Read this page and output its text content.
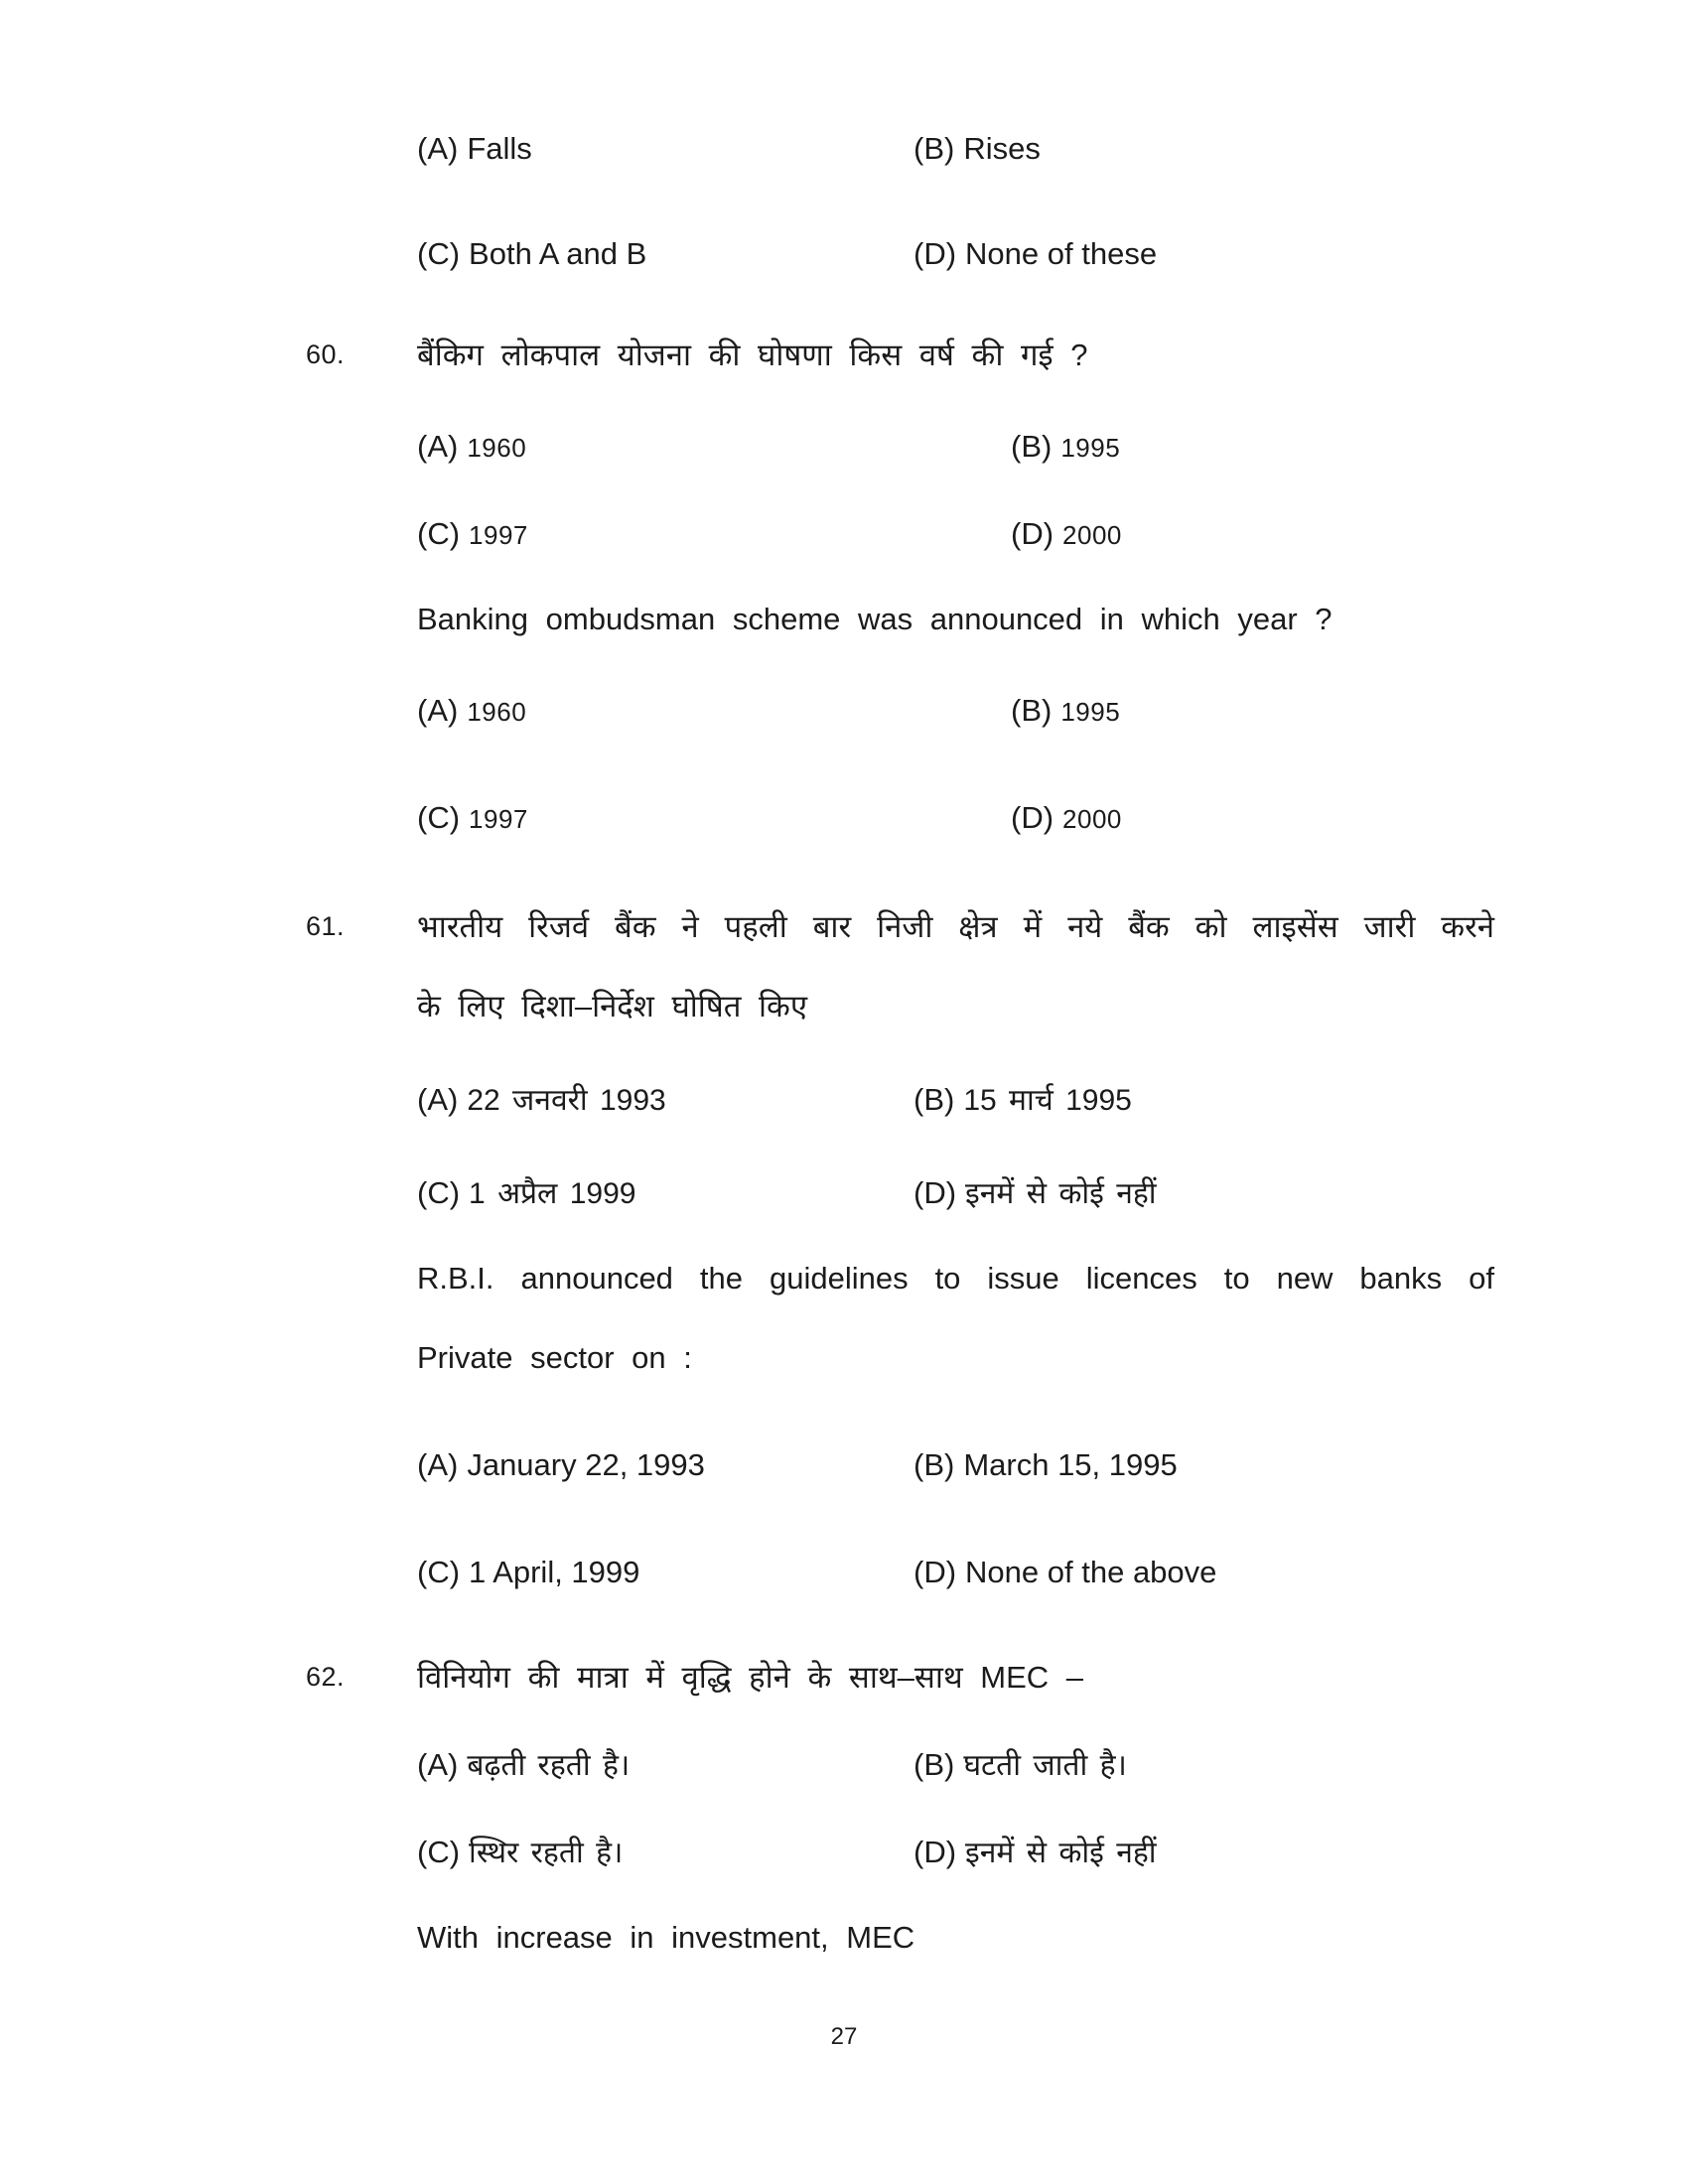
(A) Falls	(B) Rises
(C) Both A and B	(D) None of these
60. बैंकिग लोकपाल योजना की घोषणा किस वर्ष की गई ?
(A) 1960	(B) 1995
(C) 1997	(D) 2000
Banking ombudsman scheme was announced in which year ?
(A) 1960	(B) 1995
(C) 1997	(D) 2000
61. भारतीय रिजर्व बैंक ने पहली बार निजी क्षेत्र में नये बैंक को लाइसेंस जारी करने
के लिए दिशा–निर्देश घोषित किए
(A) 22 जनवरी 1993	(B) 15 मार्च 1995
(C) 1 अप्रैल 1999	(D) इनमें से कोई नहीं
R.B.I. announced the guidelines to issue licences to new banks of
Private sector on :
(A) January 22, 1993	(B) March 15, 1995
(C) 1 April, 1999	(D) None of the above
62. विनियोग की मात्रा में वृद्धि होने के साथ–साथ MEC –
(A) बढ़ती रहती है।	(B) घटती जाती है।
(C) स्थिर रहती है।	(D) इनमें से कोई नहीं
With increase in investment, MEC
27
